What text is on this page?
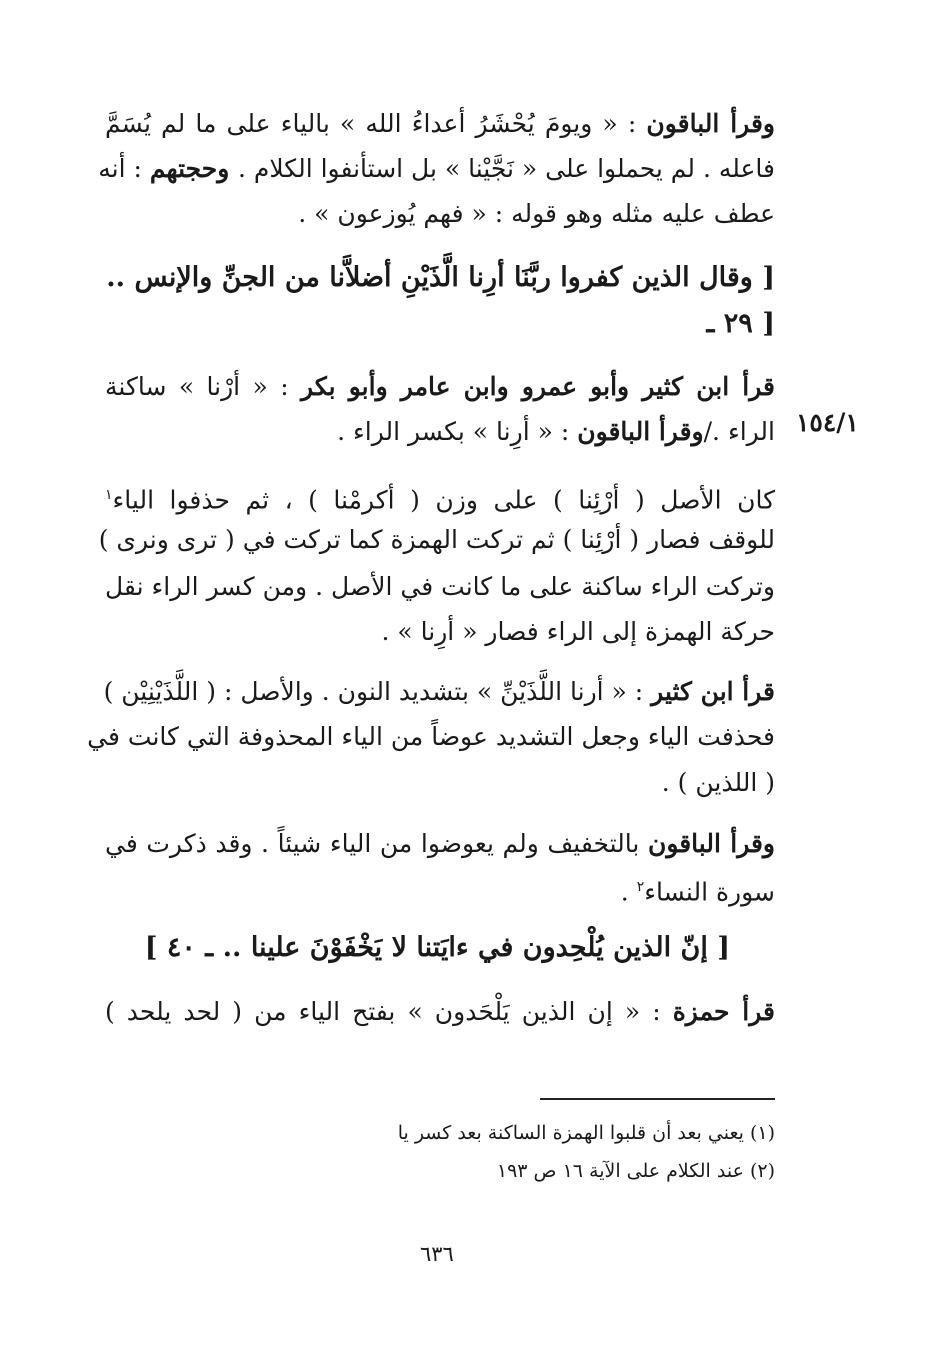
وقرأ الباقون : « ويومَ يُحْشَرُ أعداءُ الله » بالياء على ما لم يُسَمَّ
فاعله . لم يحملوا على « نَجَّيْنا » بل استأنفوا الكلام . وحجتهم : أنه
عطف عليه مثله وهو قوله : « فهم يُوزعون » .
[ وقال الذين كفروا ربَّنَا أرِنا الَّذَيْنِ أضلاَّنا من الجنِّ والإنس ..
[ ٢٩ ـ
قرأ ابن كثير وأبو عمرو وابن عامر وأبو بكر : « أرْنا » ساكنة
الراء ./وقرأ الباقون : « أرِنا » بكسر الراء .	١٥٤/١
كان الأصل ( أرْئِنا ) على وزن ( أكرمْنا ) ، ثم حذفوا الياء$^١$
للوقف فصار ( أرْئِنا ) ثم تركت الهمزة كما تركت في ( ترى ونرى )
وتركت الراء ساكنة على ما كانت في الأصل . ومن كسر الراء نقل
حركة الهمزة إلى الراء فصار « أرِنا » .
قرأ ابن كثير : « أرنا اللَّذَيْنِّ » بتشديد النون . والأصل : ( اللَّذَيْنِيْن )
فحذفت الياء وجعل التشديد عوضاً من الياء المحذوفة التي كانت في
( اللذين ) .
وقرأ الباقون بالتخفيف ولم يعوضوا من الياء شيئاً . وقد ذكرت في
سورة النساء$^٢$ .
[ إنّ الذين يُلْحِدون في ءايَتنا لا يَخْفَوْنَ علينا .. ـ ٤٠ ]
قرأ حمزة : « إن الذين يَلْحَدون » بفتح الياء من ( لحد يلحد )
(١) يعني بعد أن قلبوا الهمزة الساكنة بعد كسر يا
(٢) عند الكلام على الآية ١٦ ص ١٩٣
٦٣٦
